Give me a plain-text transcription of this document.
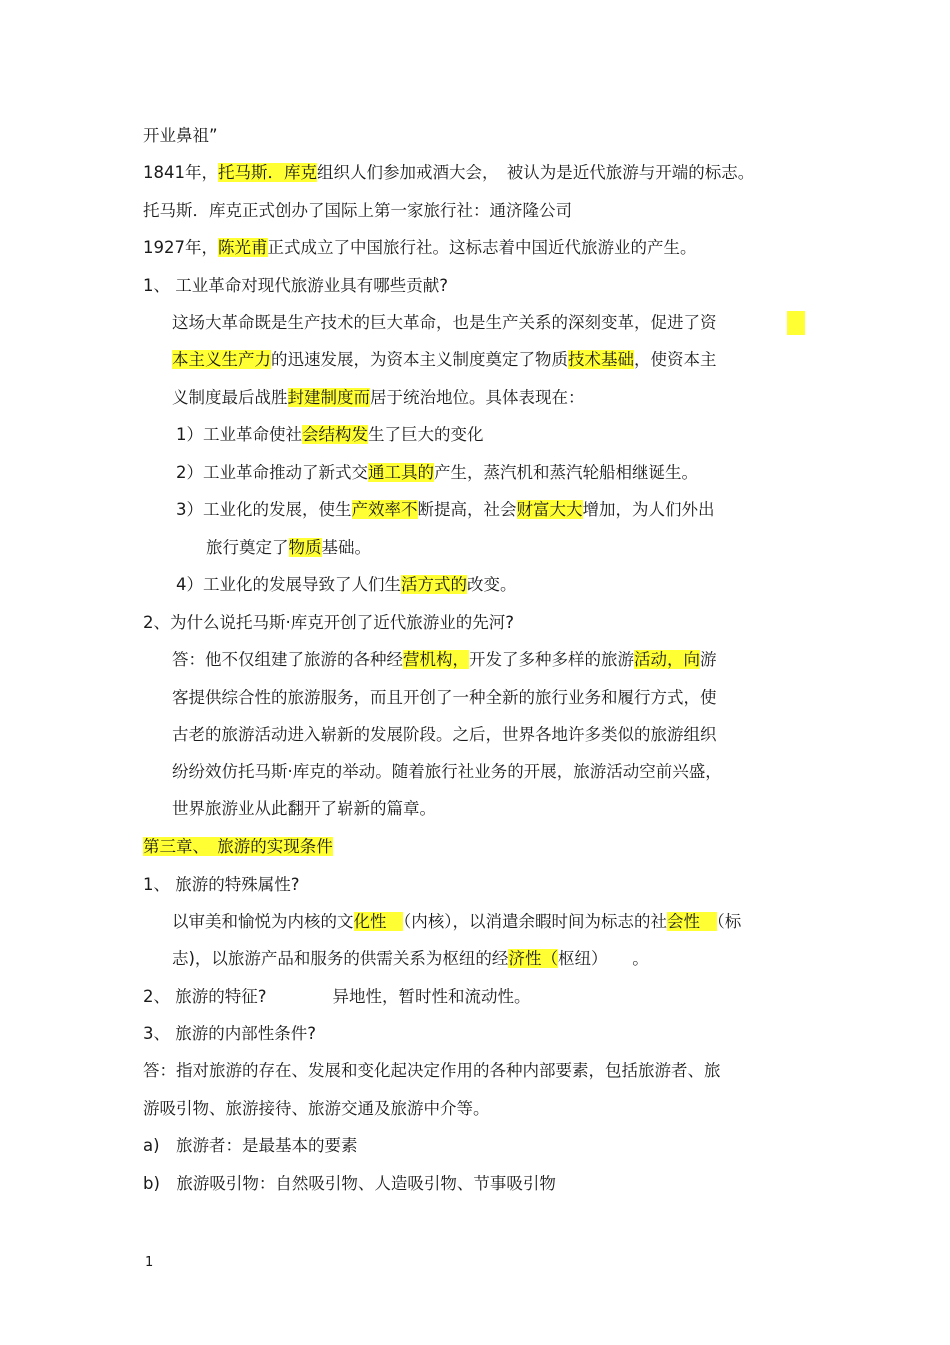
开业鼻祖”
1841年，托马斯．库克组织人们参加戒酒大会，　被认为是近代旅游与开端的标志。
托马斯．库克正式创办了国际上第一家旅行社：通济隆公司
1927年，陈光甫正式成立了中国旅行社。这标志着中国近代旅游业的产生。
1、 工业革命对现代旅游业具有哪些贡献?
这场大革命既是生产技术的巨大革命，也是生产关系的深刻变革，促进了资
本主义生产力的迅速发展，为资本主义制度奠定了物质技术基础，使资本主
义制度最后战胜封建制度而居于统治地位。具体表现在：
1）工业革命使社会结构发生了巨大的变化
2）工业革命推动了新式交通工具的产生，蒸汽机和蒸汽轮船相继诞生。
3）工业化的发展，使生产效率不断提高，社会财富大大增加，为人们外出
旅行奠定了物质基础。
4）工业化的发展导致了人们生活方式的改变。
2、为什么说托马斯·库克开创了近代旅游业的先河?
答：他不仅组建了旅游的各种经营机构，开发了多种多样的旅游活动，向游
客提供综合性的旅游服务，而且开创了一种全新的旅行业务和履行方式，使
古老的旅游活动进入崭新的发展阶段。之后，世界各地许多类似的旅游组织
纷纷效仿托马斯·库克的举动。随着旅行社业务的开展，旅游活动空前兴盛，
世界旅游业从此翻开了崭新的篇章。
第三章、　旅游的实现条件
1、 旅游的特殊属性?
以审美和愉悦为内核的文化性　（内核），以消遣余暇时间为标志的社会性　（标
志)，以旅游产品和服务的供需关系为枢纽的经济性（枢纽）　　。
2、 旅游的特征?　　　　异地性，暂时性和流动性。
3、 旅游的内部性条件?
答：指对旅游的存在、发展和变化起决定作用的各种内部要素，包括旅游者、旅
游吸引物、旅游接待、旅游交通及旅游中介等。
a)　旅游者：是最基本的要素
b)　旅游吸引物：自然吸引物、人造吸引物、节事吸引物
1
